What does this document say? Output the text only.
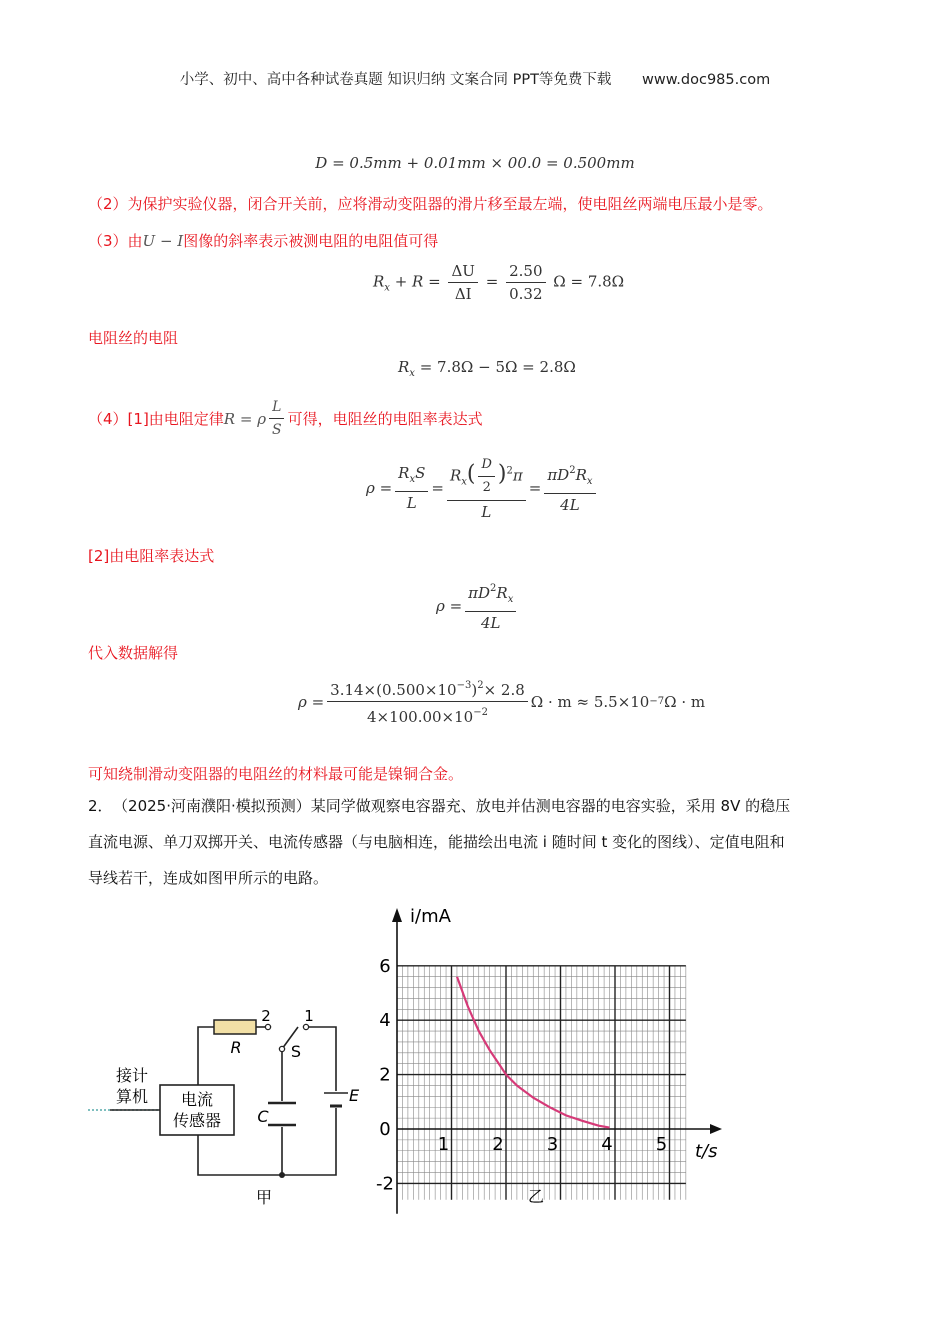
小学、初中、高中各种试卷真题 知识归纳 文案合同 PPT等免费下载 www.doc985.com
D = 0.5mm + 0.01mm × 00.0 = 0.500mm
（2）为保护实验仪器，闭合开关前，应将滑动变阻器的滑片移至最左端，使电阻丝两端电压最小是零。
（3）由U − I图像的斜率表示被测电阻的电阻值可得
$R_x + R = \frac{\Delta U}{\Delta I} = \frac{2.50}{0.32}$ Ω = 7.8Ω
电阻丝的电阻
$R_x = 7.8\Omega - 5\Omega = 2.8\Omega$
（4）[1]由电阻定律 R = ρ $\frac{L}{S}$ 可得，电阻丝的电阻率表达式
$\rho = \frac{R_xS}{L} = \frac{R_x( \frac{D}{2} )^2\pi}{L} = \frac{\pi D^2R_x}{4L}$
[2]由电阻率表达式
$\rho = \frac{\pi D^2R_x}{4L}$
代入数据解得
$\rho = \frac{3.14\times(0.500\times 10^{-3})^2\times 2.8}{4\times 100.00\times 10^{-2}}$ Ω · m ≈ 5.5×10 −7 Ω · m
可知绕制滑动变阻器的电阻丝的材料最可能是镍铜合金。
2． （2025·河南濮阳·模拟预测）某同学做观察电容器充、放电并估测电容器的电容实验，采用 8V 的稳压
直流电源、单刀双掷开关、电流传感器（与电脑相连，能描绘出电流 i 随时间 t 变化的图线）、定值电阻和
导线若干，连成如图甲所示的电路。
电流
传感器
接计
算机
R
2 1
S
C
E
甲
1 2 3 4 5
6
4
2
0
-2
t/s
i/mA
乙
